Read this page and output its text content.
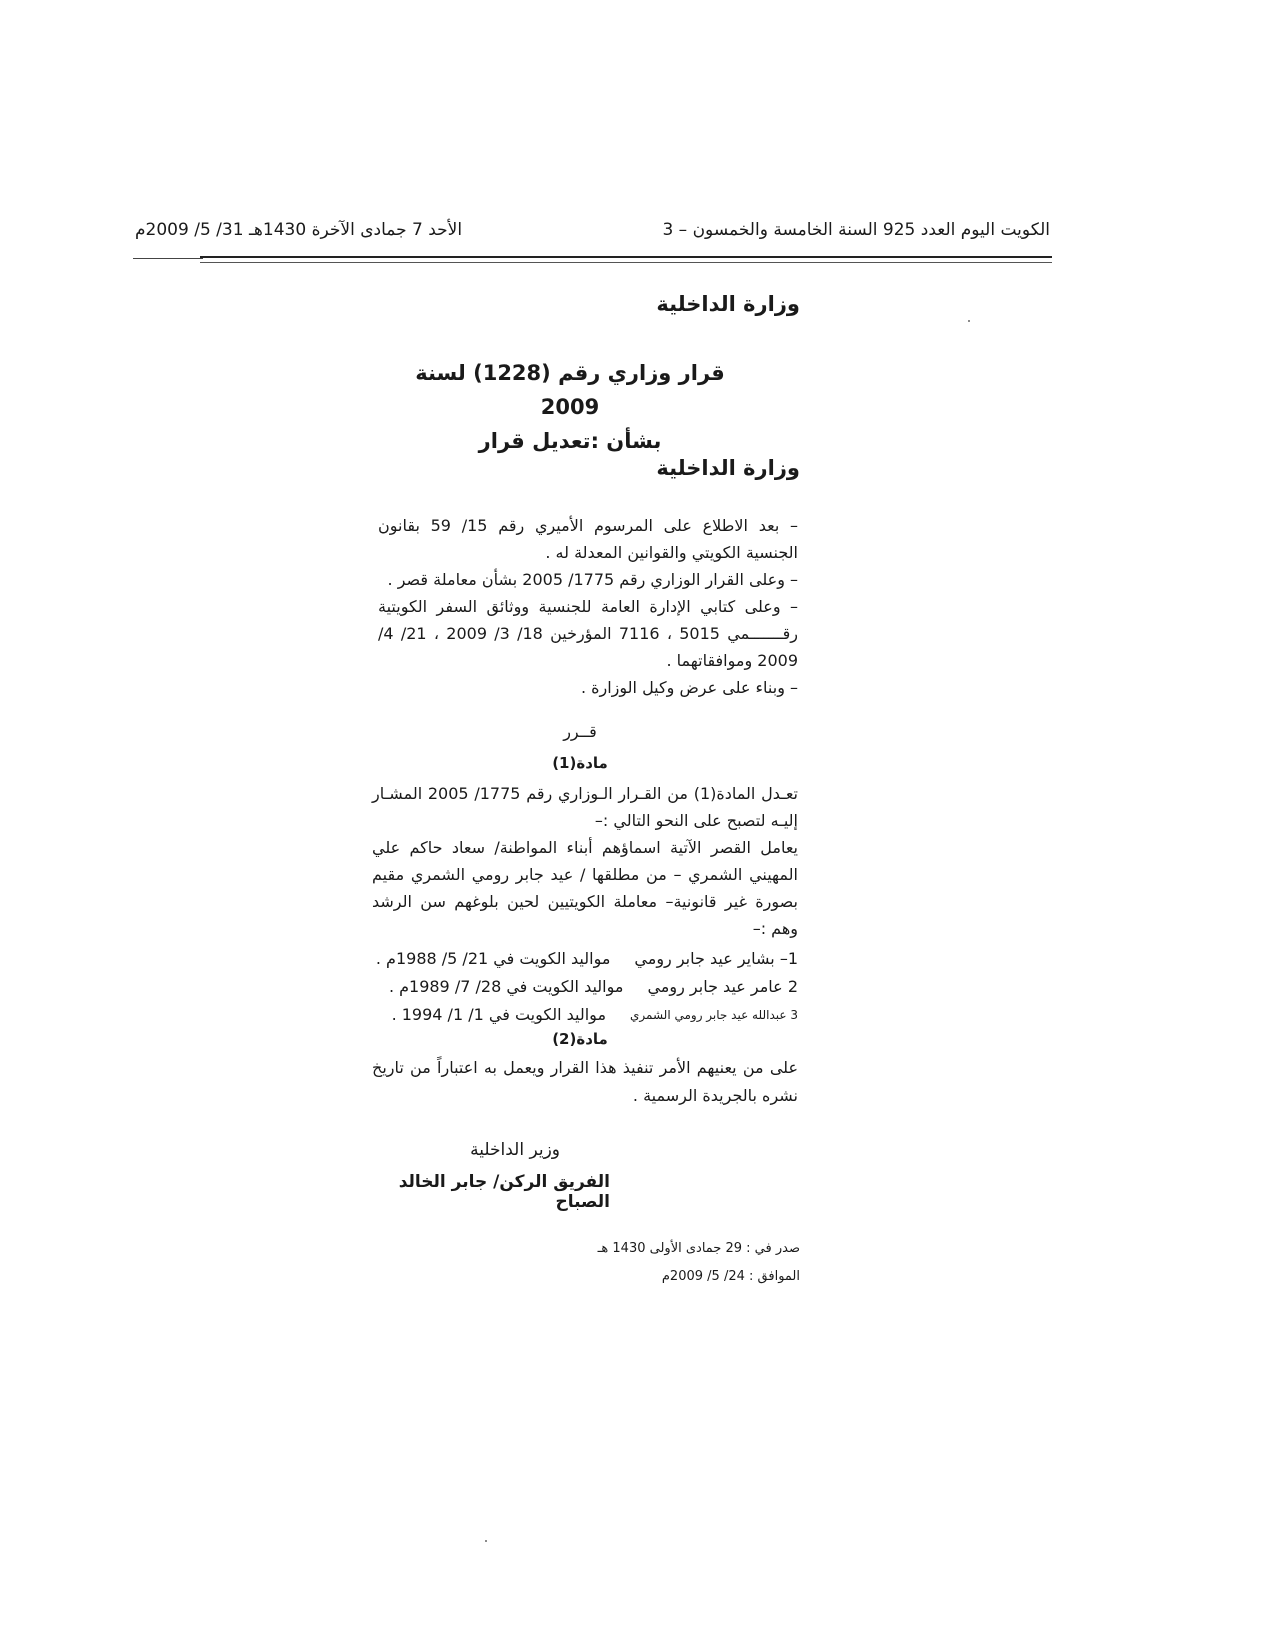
الكويت اليوم العدد 925 السنة الخامسة والخمسون – 3
الأحد 7 جمادى الآخرة 1430هـ 31/ 5/ 2009م
وزارة الداخلية
قرار وزاري رقم (1228) لسنة 2009
بشأن :تعديل قرار
وزارة الداخلية

– بعد الاطلاع على المرسوم الأميري رقم 15/ 59 بقانون الجنسية الكويتي والقوانين المعدلة له .

– وعلى القرار الوزاري رقم 1775/ 2005 بشأن معاملة قصر .

– وعلى كتابي الإدارة العامة للجنسية ووثائق السفر الكويتية رقـــــــمي 5015 ، 7116 المؤرخين 18/ 3/ 2009 ، 21/ 4/ 2009 وموافقاتهما .

– وبناء على عرض وكيل الوزارة .

قــرر
مادة(1)

تعـدل المادة(1) من القـرار الـوزاري رقم 1775/ 2005 المشـار إليـه لتصبح على النحو التالي :–

يعامل القصر الآتية اسماؤهم أبناء المواطنة/ سعاد حاكم علي المهيني الشمري – من مطلقها / عيد جابر رومي الشمري مقيم بصورة غير قانونية– معاملة الكويتيين لحين بلوغهم سن الرشد وهم :–

1– بشاير عيد جابر رومي
مواليد الكويت في 21/ 5/ 1988م .
2 عامر عيد جابر رومي
مواليد الكويت في 28/ 7/ 1989م .
3 عبدالله عيد جابر رومي الشمري
مواليد الكويت في 1/ 1/ 1994 .
مادة(2)

على من يعنيهم الأمر تنفيذ هذا القرار ويعمل به اعتباراً من تاريخ نشره بالجريدة الرسمية .

وزير الداخلية
الفريق الركن/ جابر الخالد الصباح
صدر في : 29 جمادى الأولى 1430 هـ
الموافق : 24/ 5/ 2009م
